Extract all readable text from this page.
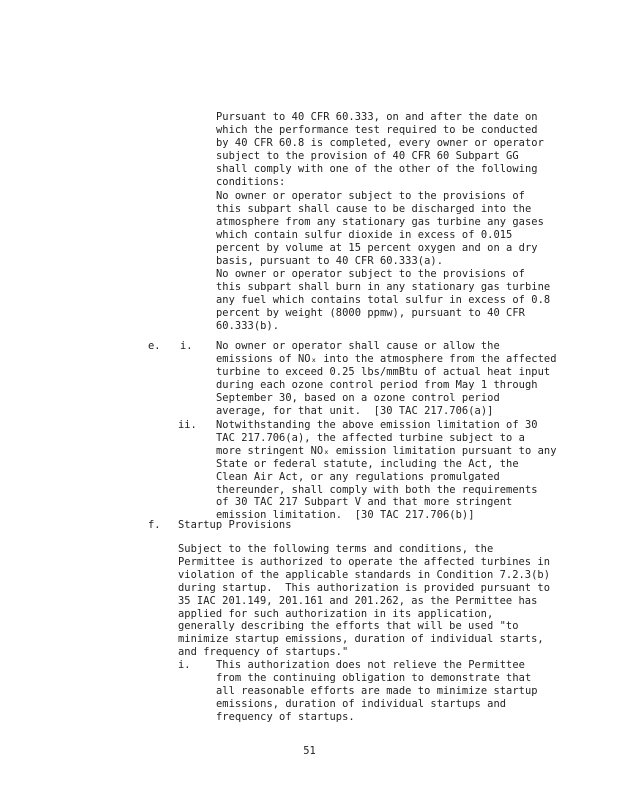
Pursuant to 40 CFR 60.333, on and after the date on
which the performance test required to be conducted
by 40 CFR 60.8 is completed, every owner or operator
subject to the provision of 40 CFR 60 Subpart GG
shall comply with one of the other of the following
conditions:
No owner or operator subject to the provisions of
this subpart shall cause to be discharged into the
atmosphere from any stationary gas turbine any gases
which contain sulfur dioxide in excess of 0.015
percent by volume at 15 percent oxygen and on a dry
basis, pursuant to 40 CFR 60.333(a).
No owner or operator subject to the provisions of
this subpart shall burn in any stationary gas turbine
any fuel which contains total sulfur in excess of 0.8
percent by weight (8000 ppmw), pursuant to 40 CFR
60.333(b).
e. i. No owner or operator shall cause or allow the
emissions of NOₓ into the atmosphere from the affected
turbine to exceed 0.25 lbs/mmBtu of actual heat input
during each ozone control period from May 1 through
September 30, based on a ozone control period
average, for that unit.  [30 TAC 217.706(a)]
ii. Notwithstanding the above emission limitation of 30
TAC 217.706(a), the affected turbine subject to a
more stringent NOₓ emission limitation pursuant to any
State or federal statute, including the Act, the
Clean Air Act, or any regulations promulgated
thereunder, shall comply with both the requirements
of 30 TAC 217 Subpart V and that more stringent
emission limitation.  [30 TAC 217.706(b)]
f. Startup Provisions
Subject to the following terms and conditions, the
Permittee is authorized to operate the affected turbines in
violation of the applicable standards in Condition 7.2.3(b)
during startup.  This authorization is provided pursuant to
35 IAC 201.149, 201.161 and 201.262, as the Permittee has
applied for such authorization in its application,
generally describing the efforts that will be used "to
minimize startup emissions, duration of individual starts,
and frequency of startups."
i. This authorization does not relieve the Permittee
from the continuing obligation to demonstrate that
all reasonable efforts are made to minimize startup
emissions, duration of individual startups and
frequency of startups.
51
